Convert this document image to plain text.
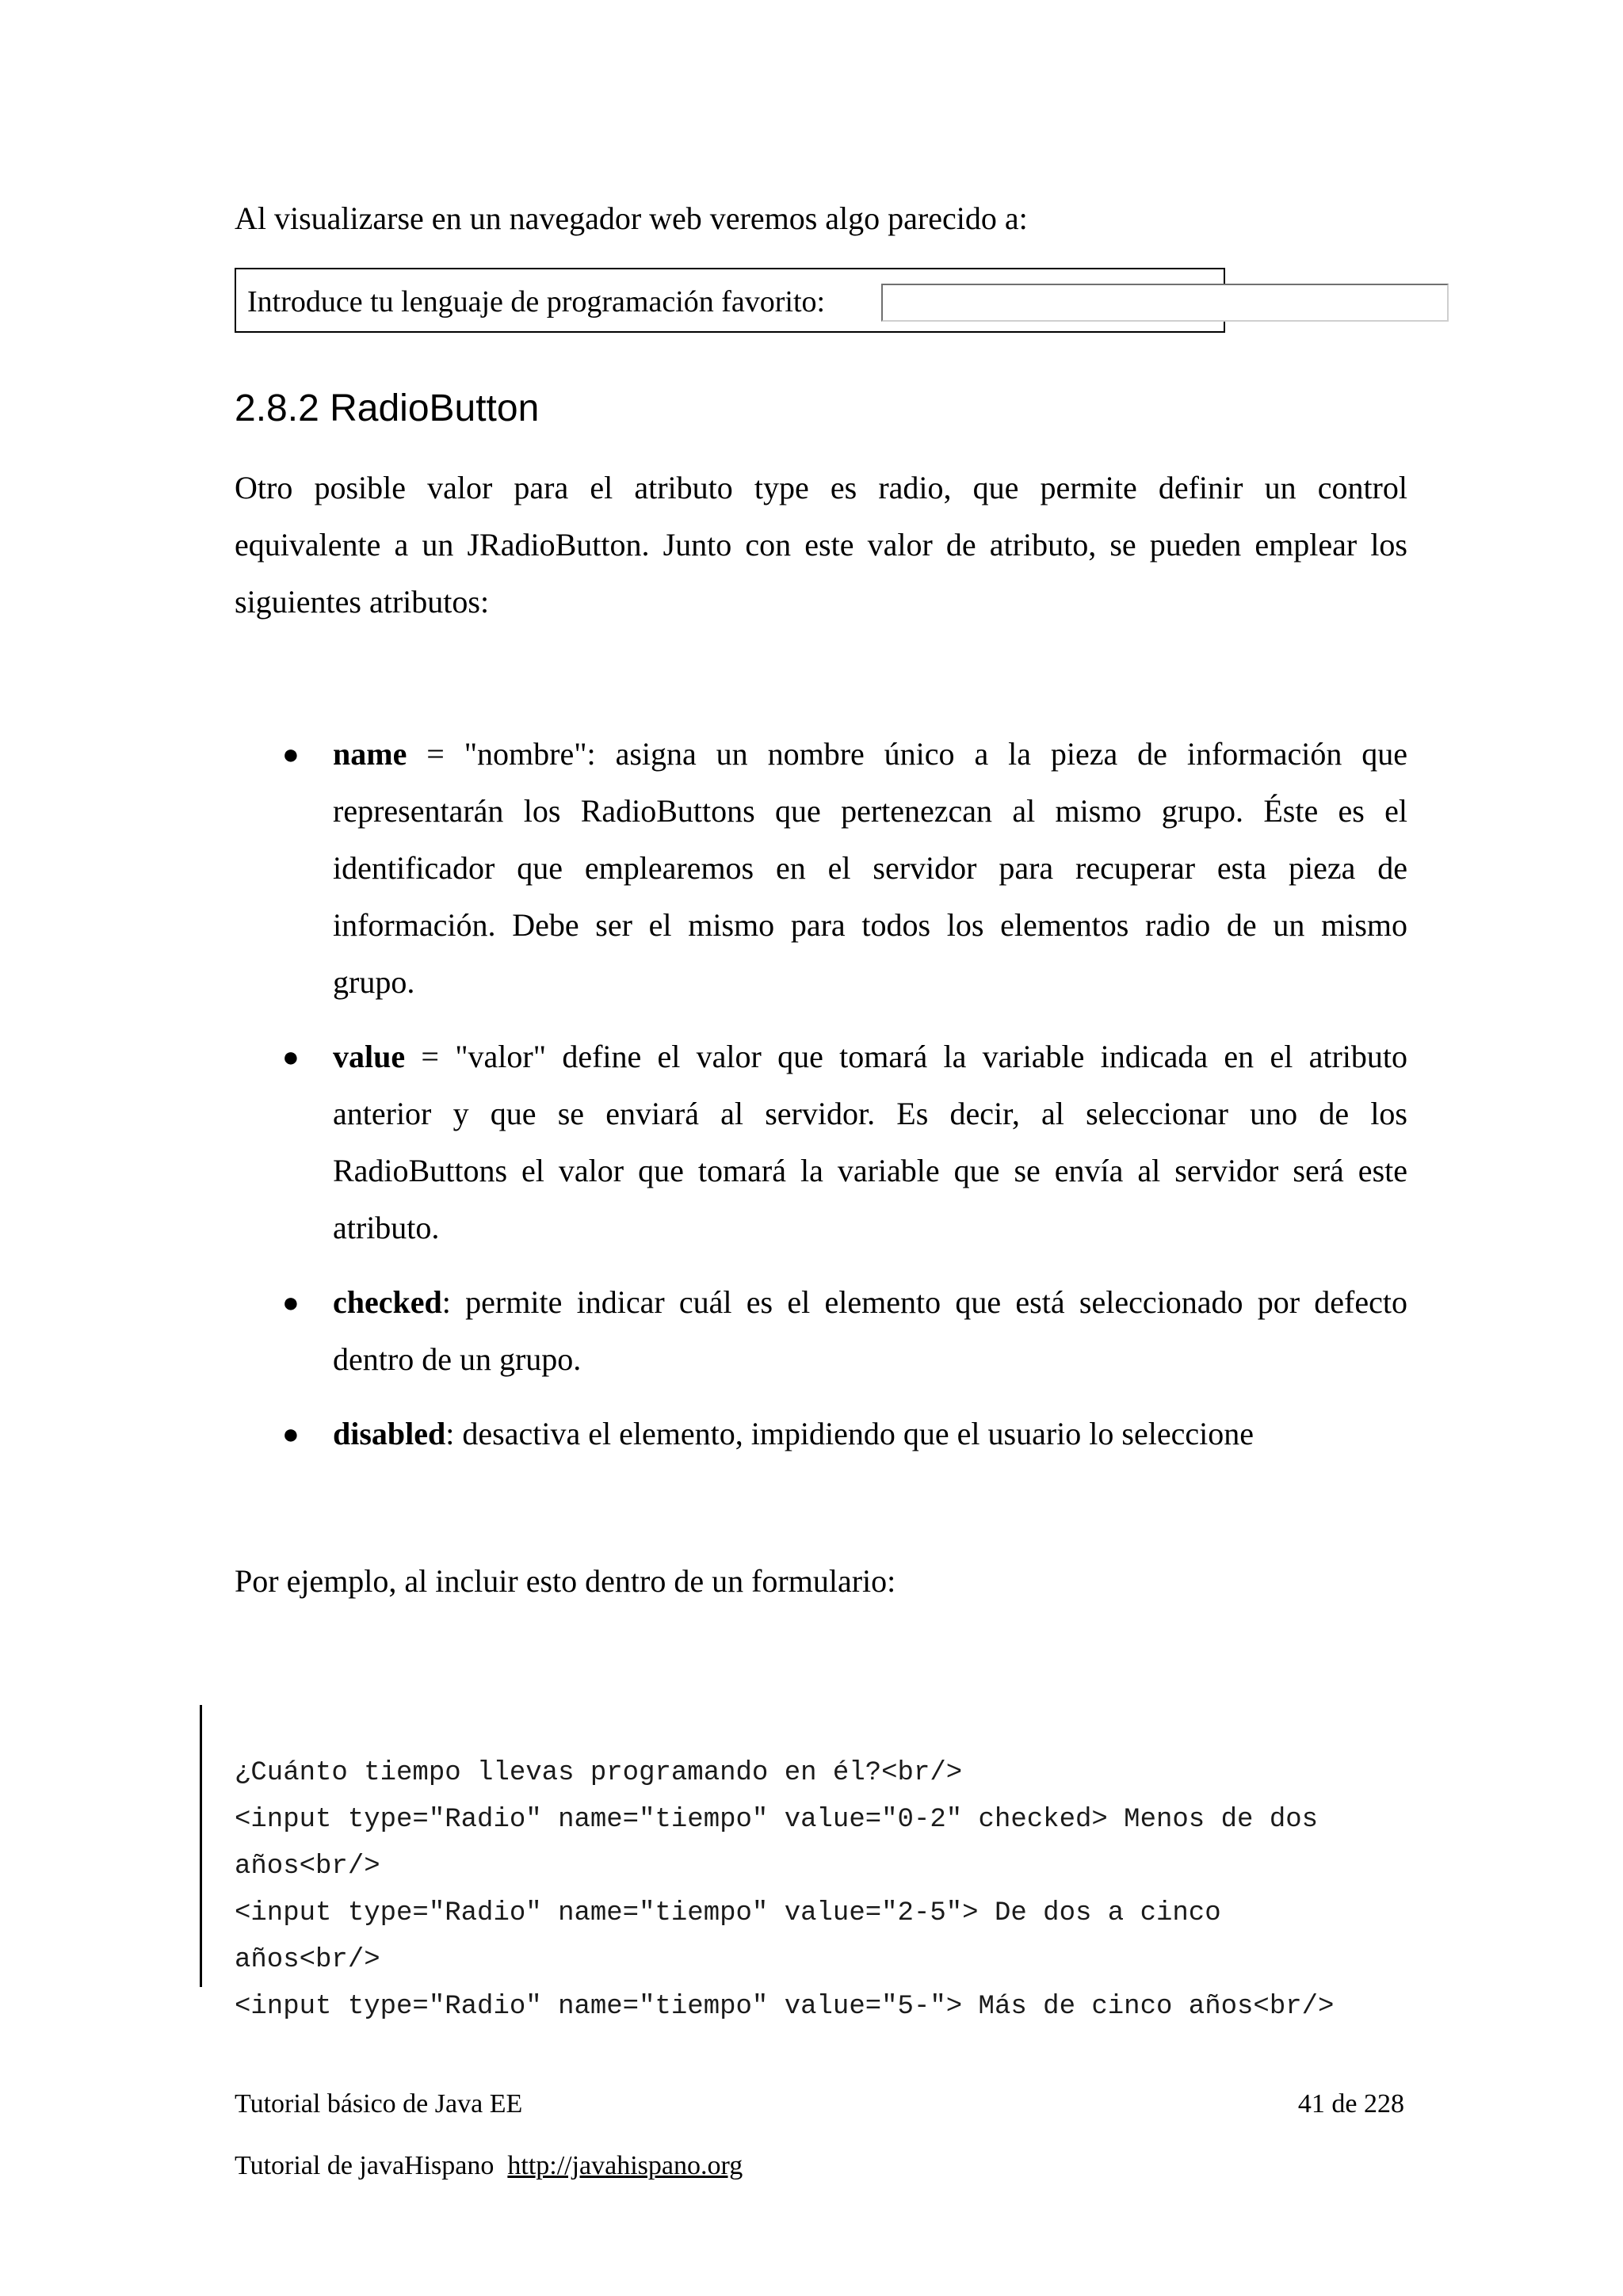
Al visualizarse en un navegador web veremos algo parecido a:
Introduce tu lenguaje de programación favorito:
2.8.2 RadioButton
Otro posible valor para el atributo type es radio, que permite definir un control
equivalente a un JRadioButton. Junto con este valor de atributo, se pueden emplear los
siguientes atributos:
● name = "nombre": asigna un nombre único a la pieza de información que
representarán los RadioButtons que pertenezcan al mismo grupo. Éste es el
identificador que emplearemos en el servidor para recuperar esta pieza de
información. Debe ser el mismo para todos los elementos radio de un mismo
grupo.
● value = "valor" define el valor que tomará la variable indicada en el atributo
anterior y que se enviará al servidor. Es decir, al seleccionar uno de los
RadioButtons el valor que tomará la variable que se envía al servidor será este
atributo.
● checked: permite indicar cuál es el elemento que está seleccionado por defecto
dentro de un grupo.
● disabled: desactiva el elemento, impidiendo que el usuario lo seleccione
Por ejemplo, al incluir esto dentro de un formulario:

¿Cuánto tiempo llevas programando en él?<br/>
<input type="Radio" name="tiempo" value="0-2" checked> Menos de dos
años<br/>
<input type="Radio" name="tiempo" value="2-5"> De dos a cinco
años<br/>
<input type="Radio" name="tiempo" value="5-"> Más de cinco años<br/>

Tutorial básico de Java EE	41 de 228
Tutorial de javaHispano  http://javahispano.org
